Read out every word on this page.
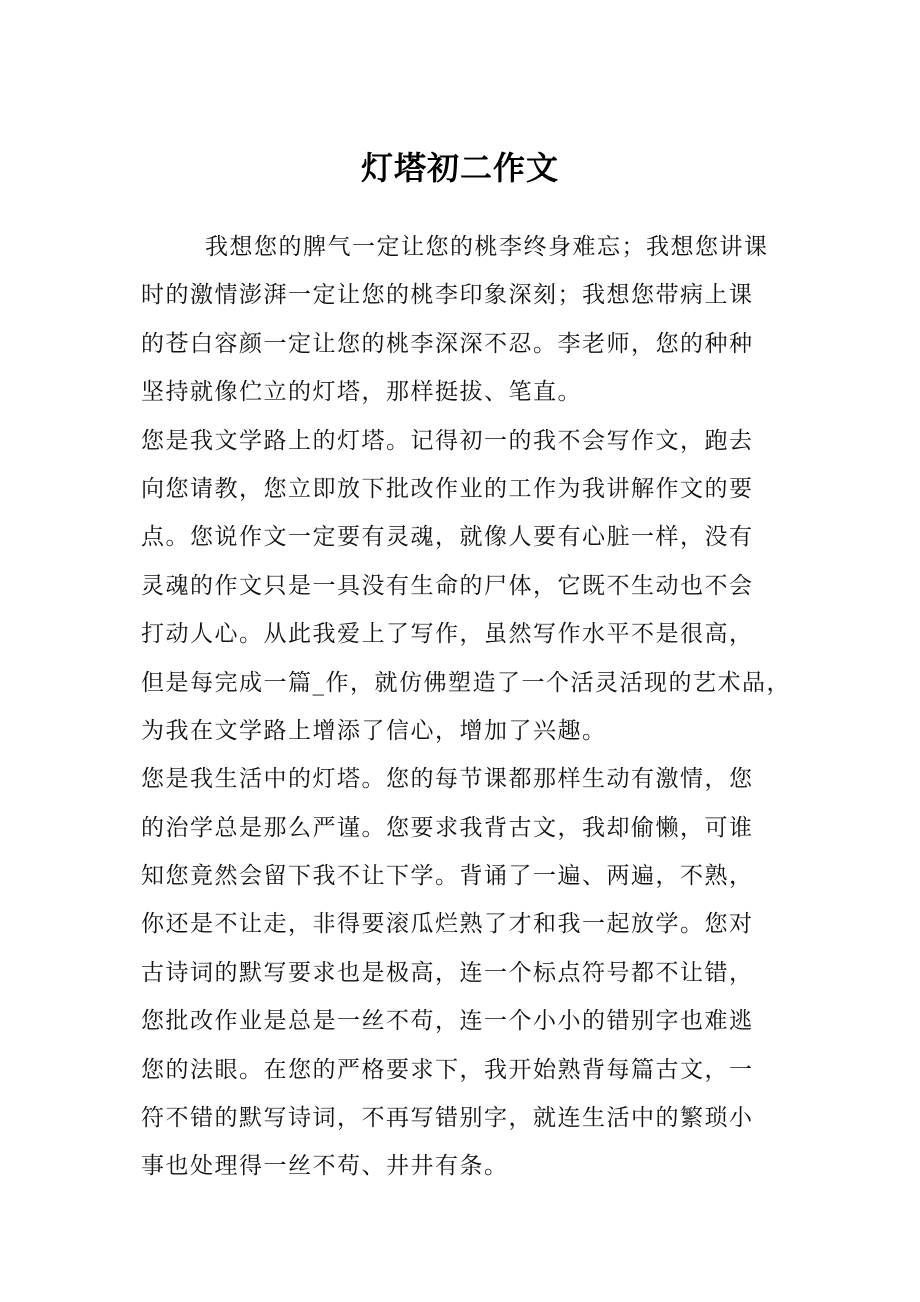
灯塔初二作文
我想您的脾气一定让您的桃李终身难忘；我想您讲课
时的激情澎湃一定让您的桃李印象深刻；我想您带病上课
的苍白容颜一定让您的桃李深深不忍。李老师，您的种种
坚持就像伫立的灯塔，那样挺拔、笔直。
您是我文学路上的灯塔。记得初一的我不会写作文，跑去
向您请教，您立即放下批改作业的工作为我讲解作文的要
点。您说作文一定要有灵魂，就像人要有心脏一样，没有
灵魂的作文只是一具没有生命的尸体，它既不生动也不会
打动人心。从此我爱上了写作，虽然写作水平不是很高，
但是每完成一篇_作，就仿佛塑造了一个活灵活现的艺术品，
为我在文学路上增添了信心，增加了兴趣。
您是我生活中的灯塔。您的每节课都那样生动有激情，您
的治学总是那么严谨。您要求我背古文，我却偷懒，可谁
知您竟然会留下我不让下学。背诵了一遍、两遍，不熟，
你还是不让走，非得要滚瓜烂熟了才和我一起放学。您对
古诗词的默写要求也是极高，连一个标点符号都不让错，
您批改作业是总是一丝不苟，连一个小小的错别字也难逃
您的法眼。在您的严格要求下，我开始熟背每篇古文，一
符不错的默写诗词，不再写错别字，就连生活中的繁琐小
事也处理得一丝不苟、井井有条。
